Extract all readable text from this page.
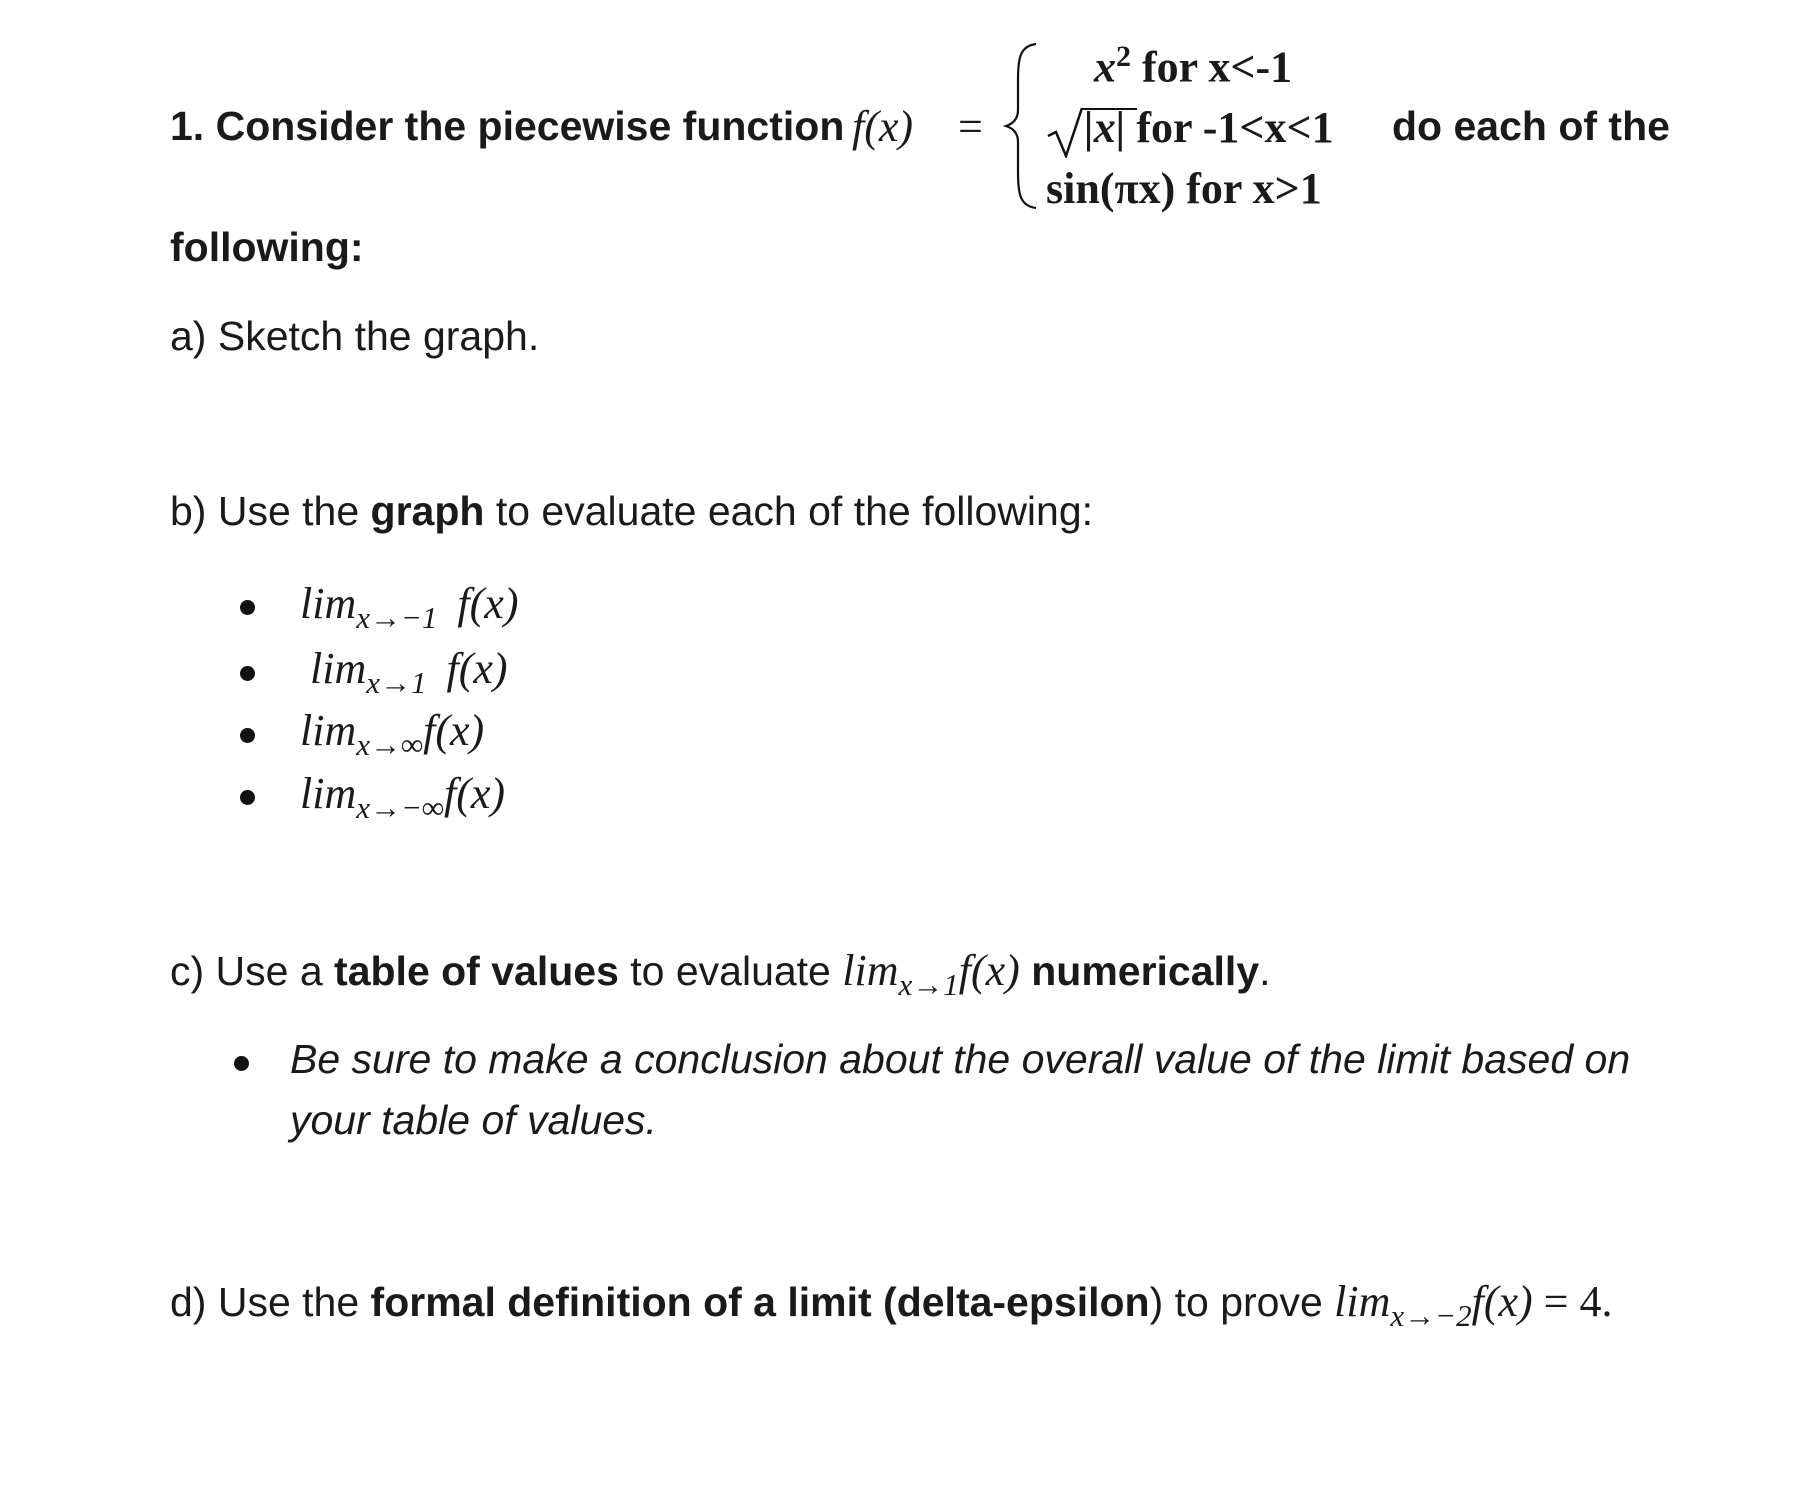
1. Consider the piecewise function f(x) =
$x^2$ for x<-1
|x| for -1<x<1 do each of the
sin(πx) for x>1
following:
a) Sketch the graph.
b) Use the graph to evaluate each of the following:
$\lim_{x\to-1} f(x)$
$\lim_{x\to 1} f(x)$
$\lim_{x\to\infty}f(x)$
$\lim_{x\to-\infty}f(x)$
c) Use a table of values to evaluate $\lim_{x\to 1}f(x)$ numerically.
Be sure to make a conclusion about the overall value of the limit based on
your table of values.
d) Use the formal definition of a limit (delta-epsilon) to prove $\lim_{x\to-2}f(x) = 4$.
